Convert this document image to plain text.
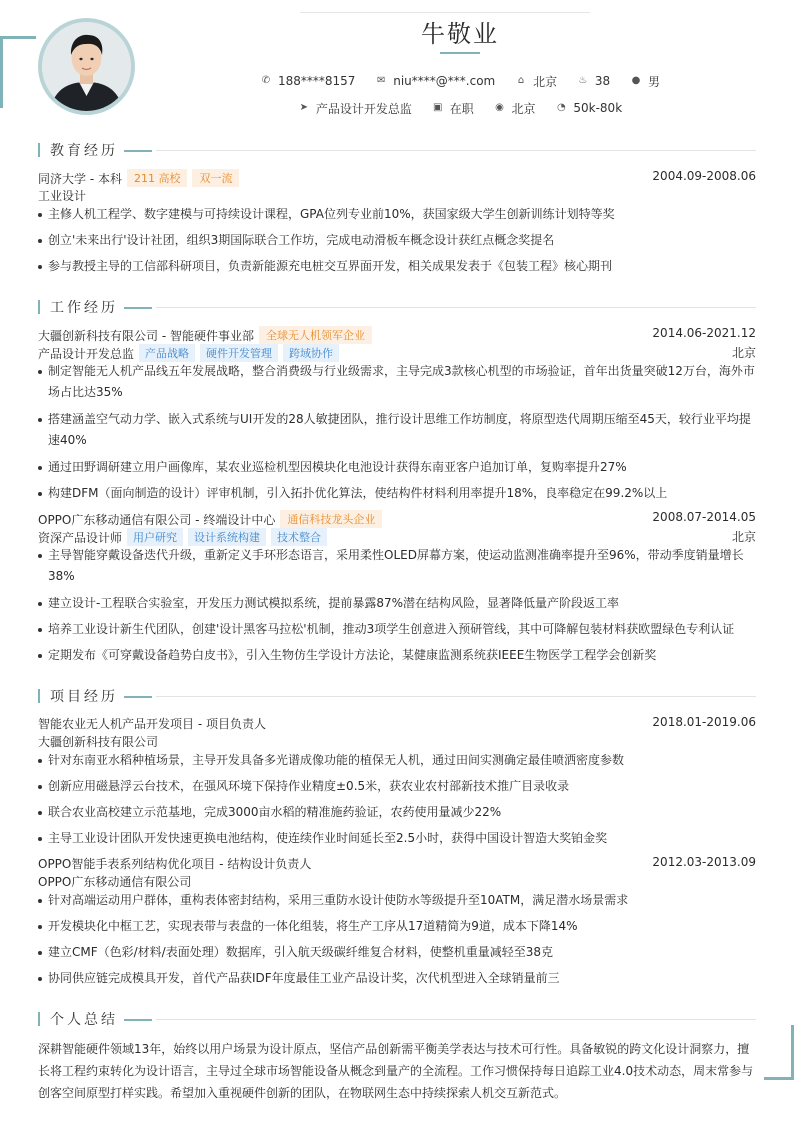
牛敬业
✆ 188****8157
✉ niu****@***.com
⌂ 北京
♨ 38
● 男
➤ 产品设计开发总监
▣ 在职
◉ 北京
◔ 50k-80k
教育经历
同济大学 - 本科	211 高校	双一流	2004.09-2008.06
工业设计
主修人机工程学、数字建模与可持续设计课程，GPA位列专业前10%，获国家级大学生创新训练计划特等奖
创立'未来出行'设计社团，组织3期国际联合工作坊，完成电动滑板车概念设计获红点概念奖提名
参与教授主导的工信部科研项目，负责新能源充电桩交互界面开发，相关成果发表于《包装工程》核心期刊
工作经历
大疆创新科技有限公司 - 智能硬件事业部	全球无人机领军企业	2014.06-2021.12
产品设计开发总监	产品战略	硬件开发管理	跨域协作	北京
制定智能无人机产品线五年发展战略，整合消费级与行业级需求，主导完成3款核心机型的市场验证，首年出货量突破12万台，海外市场占比达35%
搭建涵盖空气动力学、嵌入式系统与UI开发的28人敏捷团队，推行设计思维工作坊制度，将原型迭代周期压缩至45天，较行业平均提速40%
通过田野调研建立用户画像库，某农业巡检机型因模块化电池设计获得东南亚客户追加订单，复购率提升27%
构建DFM（面向制造的设计）评审机制，引入拓扑优化算法，使结构件材料利用率提升18%，良率稳定在99.2%以上
OPPO广东移动通信有限公司 - 终端设计中心	通信科技龙头企业	2008.07-2014.05
资深产品设计师	用户研究	设计系统构建	技术整合	北京
主导智能穿戴设备迭代升级，重新定义手环形态语言，采用柔性OLED屏幕方案，使运动监测准确率提升至96%，带动季度销量增长38%
建立设计-工程联合实验室，开发压力测试模拟系统，提前暴露87%潜在结构风险，显著降低量产阶段返工率
培养工业设计新生代团队，创建'设计黑客马拉松'机制，推动3项学生创意进入预研管线，其中可降解包装材料获欧盟绿色专利认证
定期发布《可穿戴设备趋势白皮书》，引入生物仿生学设计方法论，某健康监测系统获IEEE生物医学工程学会创新奖
项目经历
智能农业无人机产品开发项目 - 项目负责人	2018.01-2019.06
大疆创新科技有限公司
针对东南亚水稻种植场景，主导开发具备多光谱成像功能的植保无人机，通过田间实测确定最佳喷洒密度参数
创新应用磁悬浮云台技术，在强风环境下保持作业精度±0.5米，获农业农村部新技术推广目录收录
联合农业高校建立示范基地，完成3000亩水稻的精准施药验证，农药使用量减少22%
主导工业设计团队开发快速更换电池结构，使连续作业时间延长至2.5小时，获得中国设计智造大奖铂金奖
OPPO智能手表系列结构优化项目 - 结构设计负责人	2012.03-2013.09
OPPO广东移动通信有限公司
针对高端运动用户群体，重构表体密封结构，采用三重防水设计使防水等级提升至10ATM，满足潜水场景需求
开发模块化中框工艺，实现表带与表盘的一体化组装，将生产工序从17道精简为9道，成本下降14%
建立CMF（色彩/材料/表面处理）数据库，引入航天级碳纤维复合材料，使整机重量减轻至38克
协同供应链完成模具开发，首代产品获IDF年度最佳工业产品设计奖，次代机型进入全球销量前三
个人总结
深耕智能硬件领域13年，始终以用户场景为设计原点，坚信产品创新需平衡美学表达与技术可行性。具备敏锐的跨文化设计洞察力，擅长将工程约束转化为设计语言，主导过全球市场智能设备从概念到量产的全流程。工作习惯保持每日追踪工业4.0技术动态，周末常参与创客空间原型打样实践。希望加入重视硬件创新的团队，在物联网生态中持续探索人机交互新范式。
